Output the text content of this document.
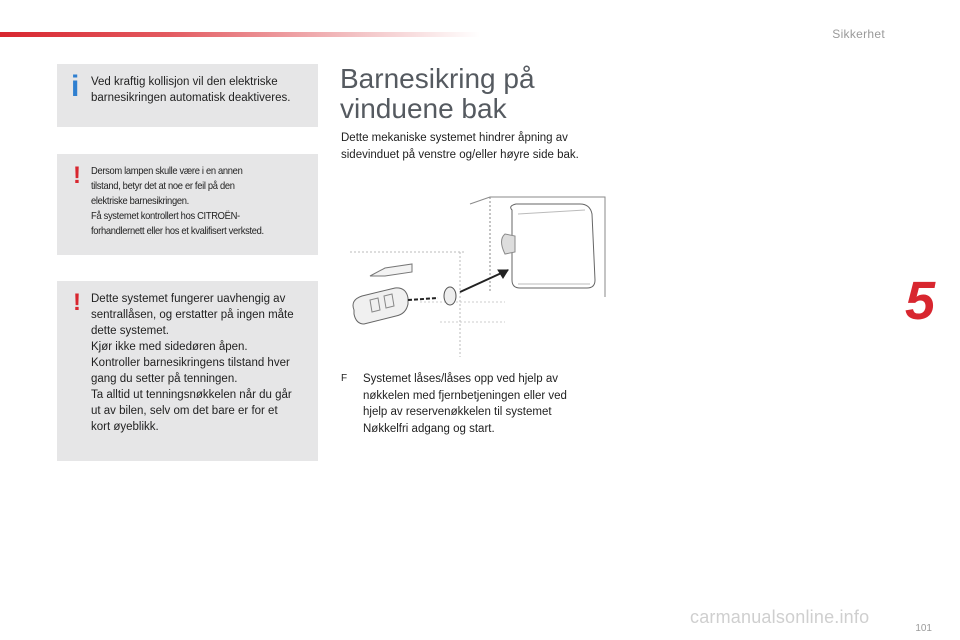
Sikkerhet
5
i Ved kraftig kollisjon vil den elektriske
barnesikringen automatisk deaktiveres.
! Dersom lampen skulle være i en annen
tilstand, betyr det at noe er feil på den
elektriske barnesikringen.
Få systemet kontrollert hos CITROËN-
forhandlernett eller hos et kvalifisert verksted.
! Dette systemet fungerer uavhengig av
sentrallåsen, og erstatter på ingen måte
dette systemet.
Kjør ikke med sidedøren åpen.
Kontroller barnesikringens tilstand hver
gang du setter på tenningen.
Ta alltid ut tenningsnøkkelen når du går
ut av bilen, selv om det bare er for et
kort øyeblikk.
Barnesikring på
vinduene bak
Dette mekaniske systemet hindrer åpning av sidevinduet på venstre og/eller høyre side bak.
F Systemet låses/låses opp ved hjelp av
nøkkelen med fjernbetjeningen eller ved
hjelp av reservenøkkelen til systemet
Nøkkelfri adgang og start.
101
carmanualsonline.info
